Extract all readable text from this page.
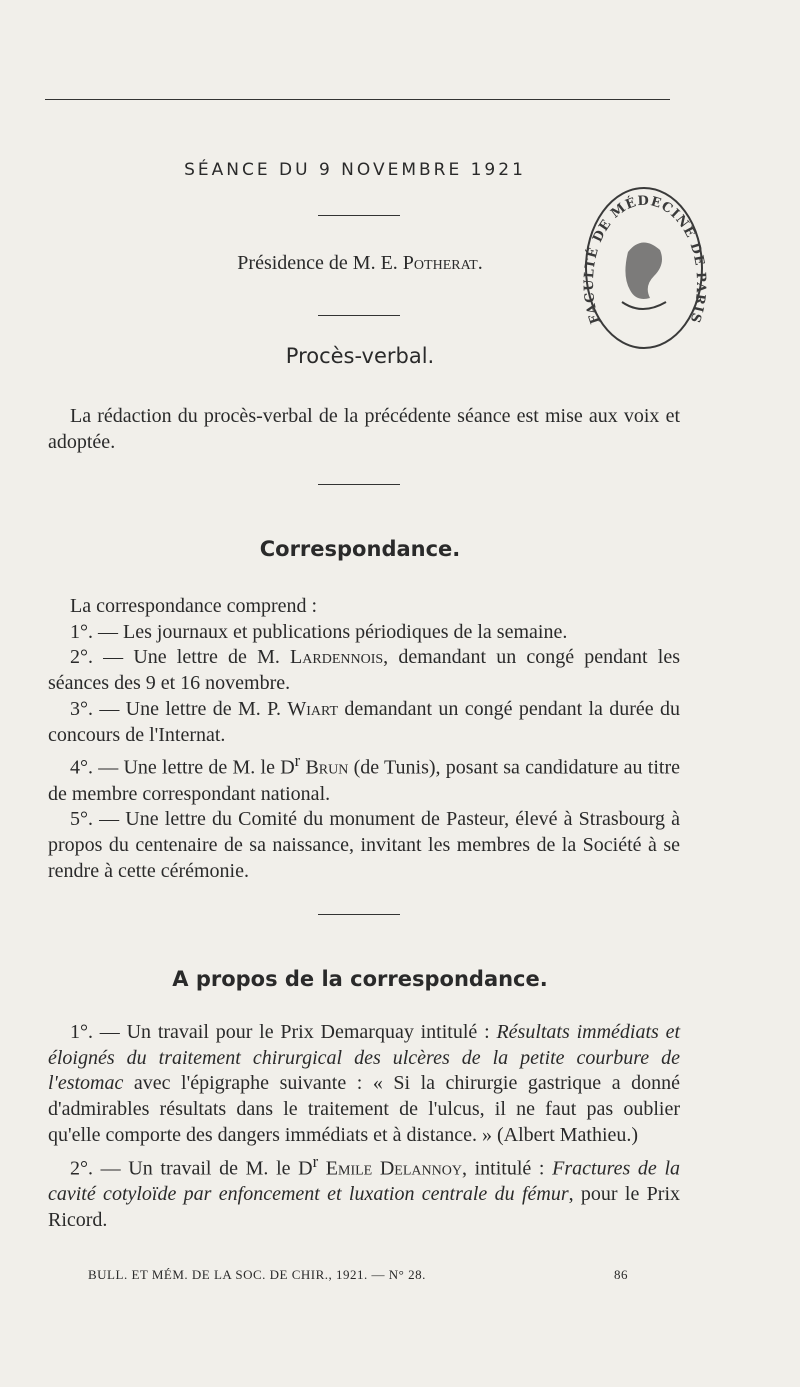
SÉANCE DU 9 NOVEMBRE 1921
Présidence de M. E. Potherat.
FACULTÉ DE MÉDECINE DE PARIS
Procès-verbal.

La rédaction du procès-verbal de la précédente séance est mise aux voix et adoptée.

Correspondance.

La correspondance comprend :

1°. — Les journaux et publications périodiques de la semaine.

2°. — Une lettre de M. Lardennois, demandant un congé pendant les séances des 9 et 16 novembre.

3°. — Une lettre de M. P. Wiart demandant un congé pendant la durée du concours de l'Internat.

4°. — Une lettre de M. le $D^r$ Brun (de Tunis), posant sa candidature au titre de membre correspondant national.

5°. — Une lettre du Comité du monument de Pasteur, élevé à Strasbourg à propos du centenaire de sa naissance, invitant les membres de la Société à se rendre à cette cérémonie.

A propos de la correspondance.

1°. — Un travail pour le Prix Demarquay intitulé : Résultats immédiats et éloignés du traitement chirurgical des ulcères de la petite courbure de l'estomac avec l'épigraphe suivante : « Si la chirurgie gastrique a donné d'admirables résultats dans le traitement de l'ulcus, il ne faut pas oublier qu'elle comporte des dangers immédiats et à distance. » (Albert Mathieu.)

2°. — Un travail de M. le $D^r$ Emile Delannoy, intitulé : Fractures de la cavité cotyloïde par enfoncement et luxation centrale du fémur, pour le Prix Ricord.

BULL. ET MÉM. DE LA SOC. DE CHIR., 1921. — N° 28.	86
